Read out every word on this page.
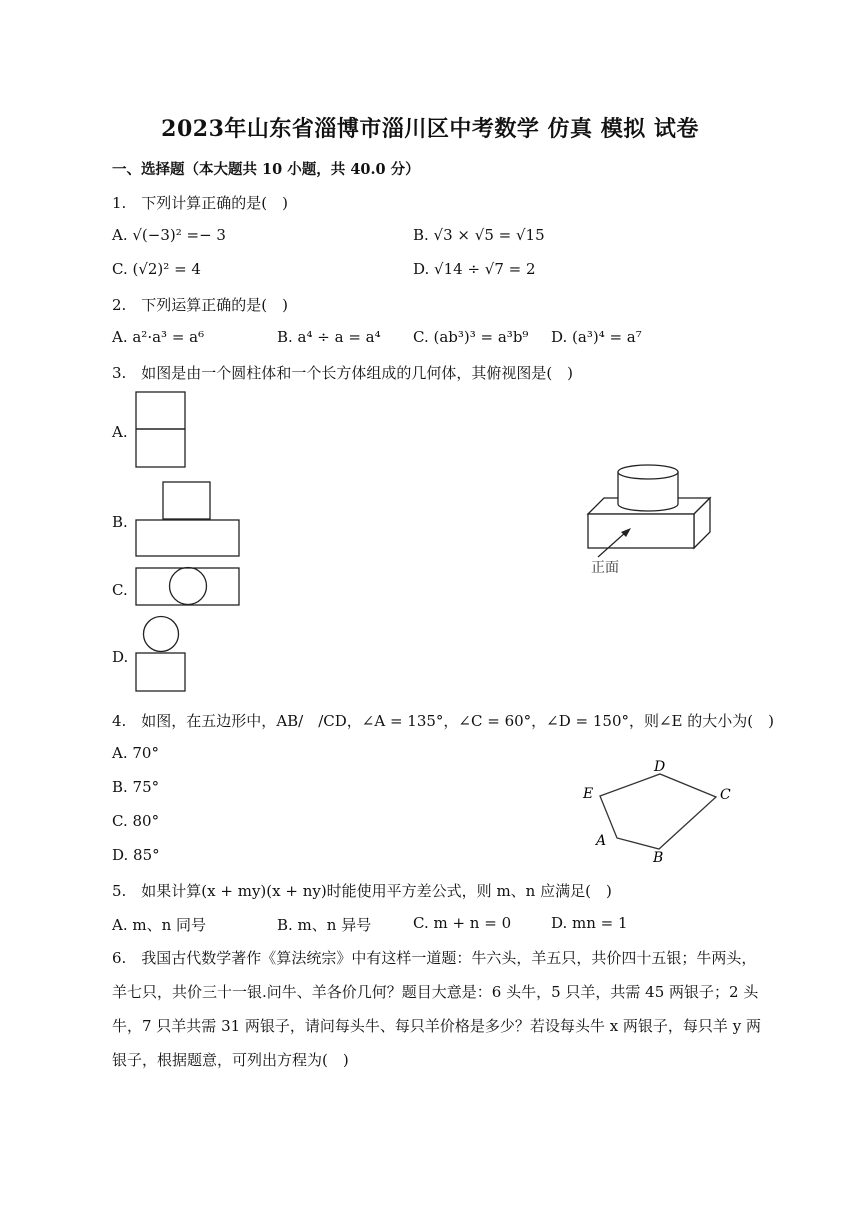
2023年山东省淄博市淄川区中考数学 仿真 模拟 试卷
一、选择题（本大题共 10 小题，共 40.0 分）
1.　下列计算正确的是(　)
A. √(−3)² =− 3	B. √3 × √5 = √15
C. (√2)² = 4	D. √14 ÷ √7 = 2
2.　下列运算正确的是(　)
A. a²·a³ = a⁶	B. a⁴ ÷ a = a⁴ C. (ab³)³ = a³b⁹ D. (a³)⁴ = a⁷
3.　如图是由一个圆柱体和一个长方体组成的几何体，其俯视图是(　)
A.
B.
C.
D.
正面
4.　如图，在五边形中，AB/　/CD，∠A = 135°，∠C = 60°，∠D = 150°，则∠E 的大小为(　)
A. 70°
B. 75°
C. 80°
D. 85°
D
E	C
A
B
5.　如果计算(x + my)(x + ny)时能使用平方差公式，则 m、n 应满足(　)
A. m、n 同号	B. m、n 异号	C. m + n = 0	D. mn = 1
6.　我国古代数学著作《算法统宗》中有这样一道题：牛六头，羊五只，共价四十五银；牛两头，
羊七只，共价三十一银.问牛、羊各价几何？题目大意是：6 头牛，5 只羊，共需 45 两银子；2 头
牛，7 只羊共需 31 两银子，请问每头牛、每只羊价格是多少？若设每头牛 x 两银子，每只羊 y 两
银子，根据题意，可列出方程为(　)
